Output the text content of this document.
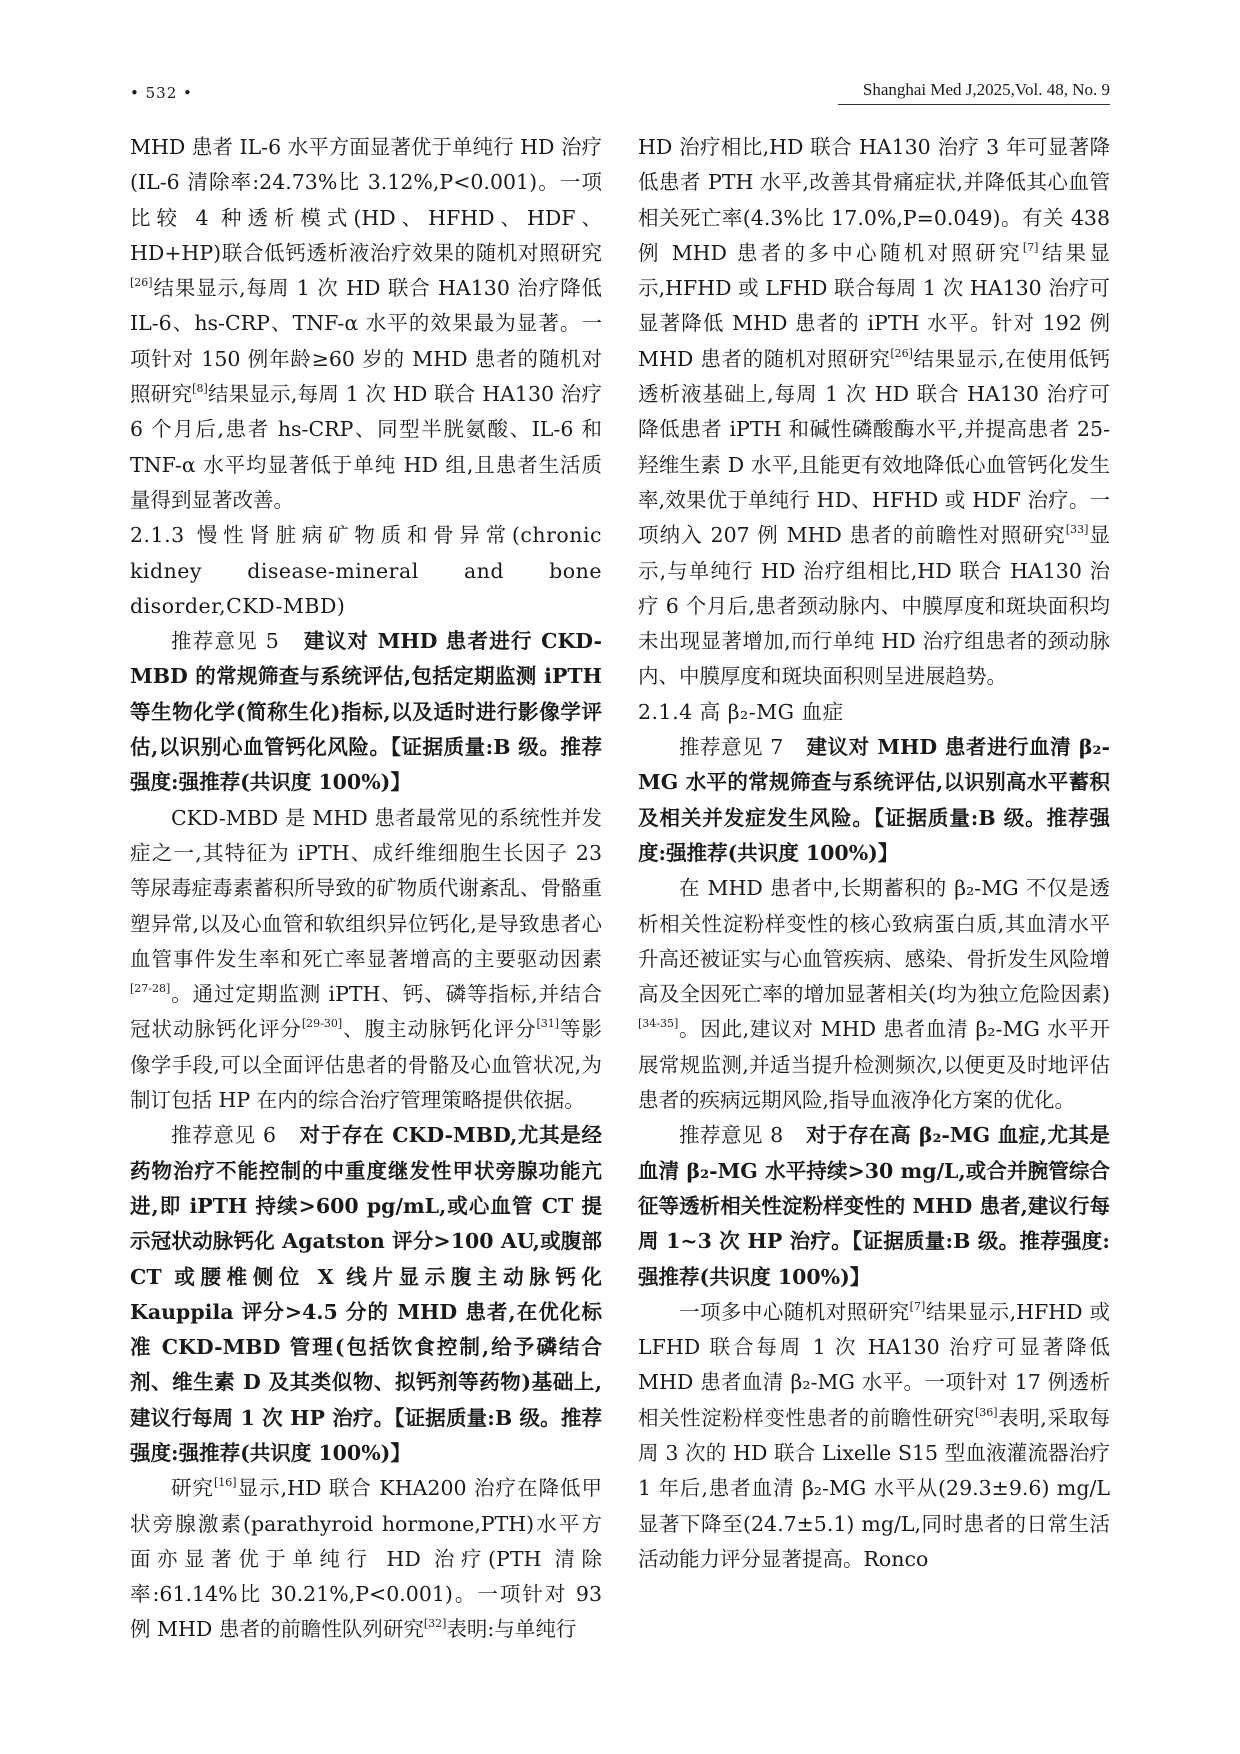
• 532 •	Shanghai Med J,2025,Vol. 48, No. 9

MHD 患者 IL-6 水平方面显著优于单纯行 HD 治疗(IL-6 清除率:24.73%比 3.12%,P<0.001)。一项比较 4 种透析模式(HD、HFHD、HDF、HD+HP)联合低钙透析液治疗效果的随机对照研究[26]结果显示,每周 1 次 HD 联合 HA130 治疗降低 IL-6、hs-CRP、TNF-α 水平的效果最为显著。一项针对 150 例年龄≥60 岁的 MHD 患者的随机对照研究[8]结果显示,每周 1 次 HD 联合 HA130 治疗 6 个月后,患者 hs-CRP、同型半胱氨酸、IL-6 和 TNF-α 水平均显著低于单纯 HD 组,且患者生活质量得到显著改善。

2.1.3 慢性肾脏病矿物质和骨异常(chronic kidney disease-mineral and bone disorder,CKD-MBD)

推荐意见 5 建议对 MHD 患者进行 CKD-MBD 的常规筛查与系统评估,包括定期监测 iPTH 等生物化学(简称生化)指标,以及适时进行影像学评估,以识别心血管钙化风险。【证据质量:B 级。推荐强度:强推荐(共识度 100%)】

CKD-MBD 是 MHD 患者最常见的系统性并发症之一,其特征为 iPTH、成纤维细胞生长因子 23 等尿毒症毒素蓄积所导致的矿物质代谢紊乱、骨骼重塑异常,以及心血管和软组织异位钙化,是导致患者心血管事件发生率和死亡率显著增高的主要驱动因素[27-28]。通过定期监测 iPTH、钙、磷等指标,并结合冠状动脉钙化评分[29-30]、腹主动脉钙化评分[31]等影像学手段,可以全面评估患者的骨骼及心血管状况,为制订包括 HP 在内的综合治疗管理策略提供依据。

推荐意见 6 对于存在 CKD-MBD,尤其是经药物治疗不能控制的中重度继发性甲状旁腺功能亢进,即 iPTH 持续>600 pg/mL,或心血管 CT 提示冠状动脉钙化 Agatston 评分>100 AU,或腹部 CT 或腰椎侧位 X 线片显示腹主动脉钙化 Kauppila 评分>4.5 分的 MHD 患者,在优化标准 CKD-MBD 管理(包括饮食控制,给予磷结合剂、维生素 D 及其类似物、拟钙剂等药物)基础上,建议行每周 1 次 HP 治疗。【证据质量:B 级。推荐强度:强推荐(共识度 100%)】

研究[16]显示,HD 联合 KHA200 治疗在降低甲状旁腺激素(parathyroid hormone,PTH)水平方面亦显著优于单纯行 HD 治疗(PTH 清除率:61.14%比 30.21%,P<0.001)。一项针对 93 例 MHD 患者的前瞻性队列研究[32]表明:与单纯行

HD 治疗相比,HD 联合 HA130 治疗 3 年可显著降低患者 PTH 水平,改善其骨痛症状,并降低其心血管相关死亡率(4.3%比 17.0%,P=0.049)。有关 438 例 MHD 患者的多中心随机对照研究[7]结果显示,HFHD 或 LFHD 联合每周 1 次 HA130 治疗可显著降低 MHD 患者的 iPTH 水平。针对 192 例 MHD 患者的随机对照研究[26]结果显示,在使用低钙透析液基础上,每周 1 次 HD 联合 HA130 治疗可降低患者 iPTH 和碱性磷酸酶水平,并提高患者 25-羟维生素 D 水平,且能更有效地降低心血管钙化发生率,效果优于单纯行 HD、HFHD 或 HDF 治疗。一项纳入 207 例 MHD 患者的前瞻性对照研究[33]显示,与单纯行 HD 治疗组相比,HD 联合 HA130 治疗 6 个月后,患者颈动脉内、中膜厚度和斑块面积均未出现显著增加,而行单纯 HD 治疗组患者的颈动脉内、中膜厚度和斑块面积则呈进展趋势。

2.1.4 高 β₂-MG 血症

推荐意见 7 建议对 MHD 患者进行血清 β₂-MG 水平的常规筛查与系统评估,以识别高水平蓄积及相关并发症发生风险。【证据质量:B 级。推荐强度:强推荐(共识度 100%)】

在 MHD 患者中,长期蓄积的 β₂-MG 不仅是透析相关性淀粉样变性的核心致病蛋白质,其血清水平升高还被证实与心血管疾病、感染、骨折发生风险增高及全因死亡率的增加显著相关(均为独立危险因素)[34-35]。因此,建议对 MHD 患者血清 β₂-MG 水平开展常规监测,并适当提升检测频次,以便更及时地评估患者的疾病远期风险,指导血液净化方案的优化。

推荐意见 8 对于存在高 β₂-MG 血症,尤其是血清 β₂-MG 水平持续>30 mg/L,或合并腕管综合征等透析相关性淀粉样变性的 MHD 患者,建议行每周 1~3 次 HP 治疗。【证据质量:B 级。推荐强度:强推荐(共识度 100%)】

一项多中心随机对照研究[7]结果显示,HFHD 或 LFHD 联合每周 1 次 HA130 治疗可显著降低 MHD 患者血清 β₂-MG 水平。一项针对 17 例透析相关性淀粉样变性患者的前瞻性研究[36]表明,采取每周 3 次的 HD 联合 Lixelle S15 型血液灌流器治疗 1 年后,患者血清 β₂-MG 水平从(29.3±9.6) mg/L 显著下降至(24.7±5.1) mg/L,同时患者的日常生活活动能力评分显著提高。Ronco
